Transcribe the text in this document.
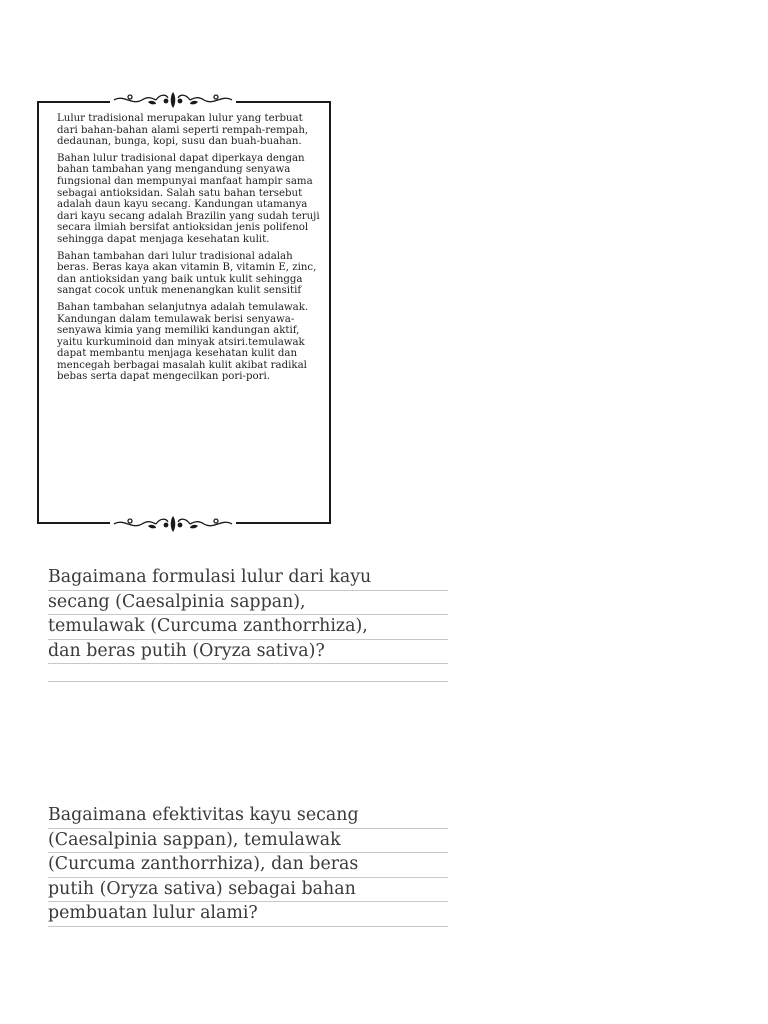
Lulur tradisional merupakan lulur yang terbuat dari bahan-bahan alami seperti rempah-rempah, dedaunan, bunga, kopi, susu dan buah-buahan.

Bahan lulur tradisional dapat diperkaya dengan bahan tambahan yang mengandung senyawa fungsional dan mempunyai manfaat hampir sama sebagai antioksidan. Salah satu bahan tersebut adalah daun kayu secang. Kandungan utamanya dari kayu secang adalah Brazilin yang sudah teruji secara ilmiah bersifat antioksidan jenis polifenol sehingga dapat menjaga kesehatan kulit.

Bahan tambahan dari lulur tradisional adalah beras. Beras kaya akan vitamin B, vitamin E, zinc, dan antioksidan yang baik untuk kulit sehingga sangat cocok untuk menenangkan kulit sensitif

Bahan tambahan selanjutnya adalah temulawak. Kandungan dalam temulawak berisi senyawa-senyawa kimia yang memiliki kandungan aktif, yaitu kurkuminoid dan minyak atsiri.temulawak dapat membantu menjaga kesehatan kulit dan mencegah berbagai masalah kulit akibat radikal bebas serta dapat mengecilkan pori-pori.

Bagaimana formulasi lulur dari kayu
secang (Caesalpinia sappan),
temulawak (Curcuma zanthorrhiza),
dan beras putih (Oryza sativa)?
Bagaimana efektivitas kayu secang
(Caesalpinia sappan), temulawak
(Curcuma zanthorrhiza), dan beras
putih (Oryza sativa) sebagai bahan
pembuatan lulur alami?
